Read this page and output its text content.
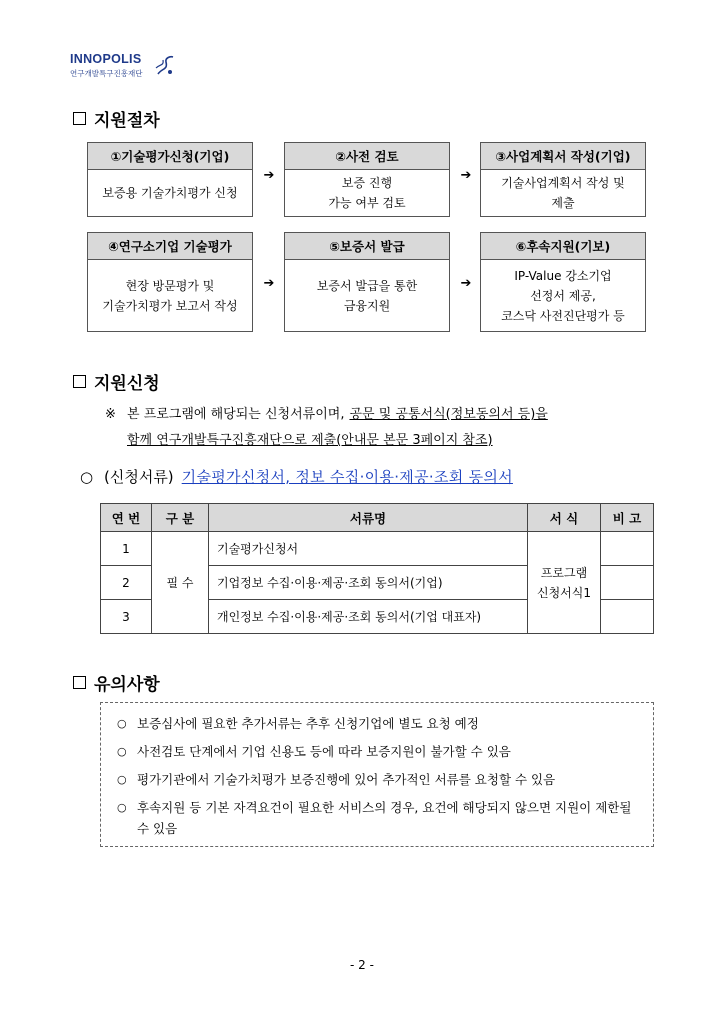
INNOPOLIS
연구개발특구진흥재단
지원절차
①기술평가신청(기업)
보증용 기술가치평가 신청
➔
②사전 검토
보증 진행
가능 여부 검토
➔
③사업계획서 작성(기업)
기술사업계획서 작성 및
제출
④연구소기업 기술평가
현장 방문평가 및
기술가치평가 보고서 작성
➔
⑤보증서 발급
보증서 발급을 통한
금융지원
➔
⑥후속지원(기보)
IP-Value 강소기업
선정서 제공,
코스닥 사전진단평가 등
지원신청
※ 본 프로그램에 해당되는 신청서류이며, 공문 및 공통서식(정보동의서 등)을
함께 연구개발특구진흥재단으로 제출(안내문 본문 3페이지 참조)
○ (신청서류) 기술평가신청서, 정보 수집·이용·제공·조회 동의서
연 번	구 분	서류명	서 식	비 고
1	필 수	기술평가신청서	프로그램
신청서식1	

2		기업정보 수집·이용·제공·조회 동의서(기업)		
3		개인정보 수집·이용·제공·조회 동의서(기업 대표자)		
유의사항
○ 보증심사에 필요한 추가서류는 추후 신청기업에 별도 요청 예정
○ 사전검토 단계에서 기업 신용도 등에 따라 보증지원이 불가할 수 있음
○ 평가기관에서 기술가치평가 보증진행에 있어 추가적인 서류를 요청할 수 있음
○ 후속지원 등 기본 자격요건이 필요한 서비스의 경우, 요건에 해당되지 않으면 지원이 제한될 수 있음
- 2 -
